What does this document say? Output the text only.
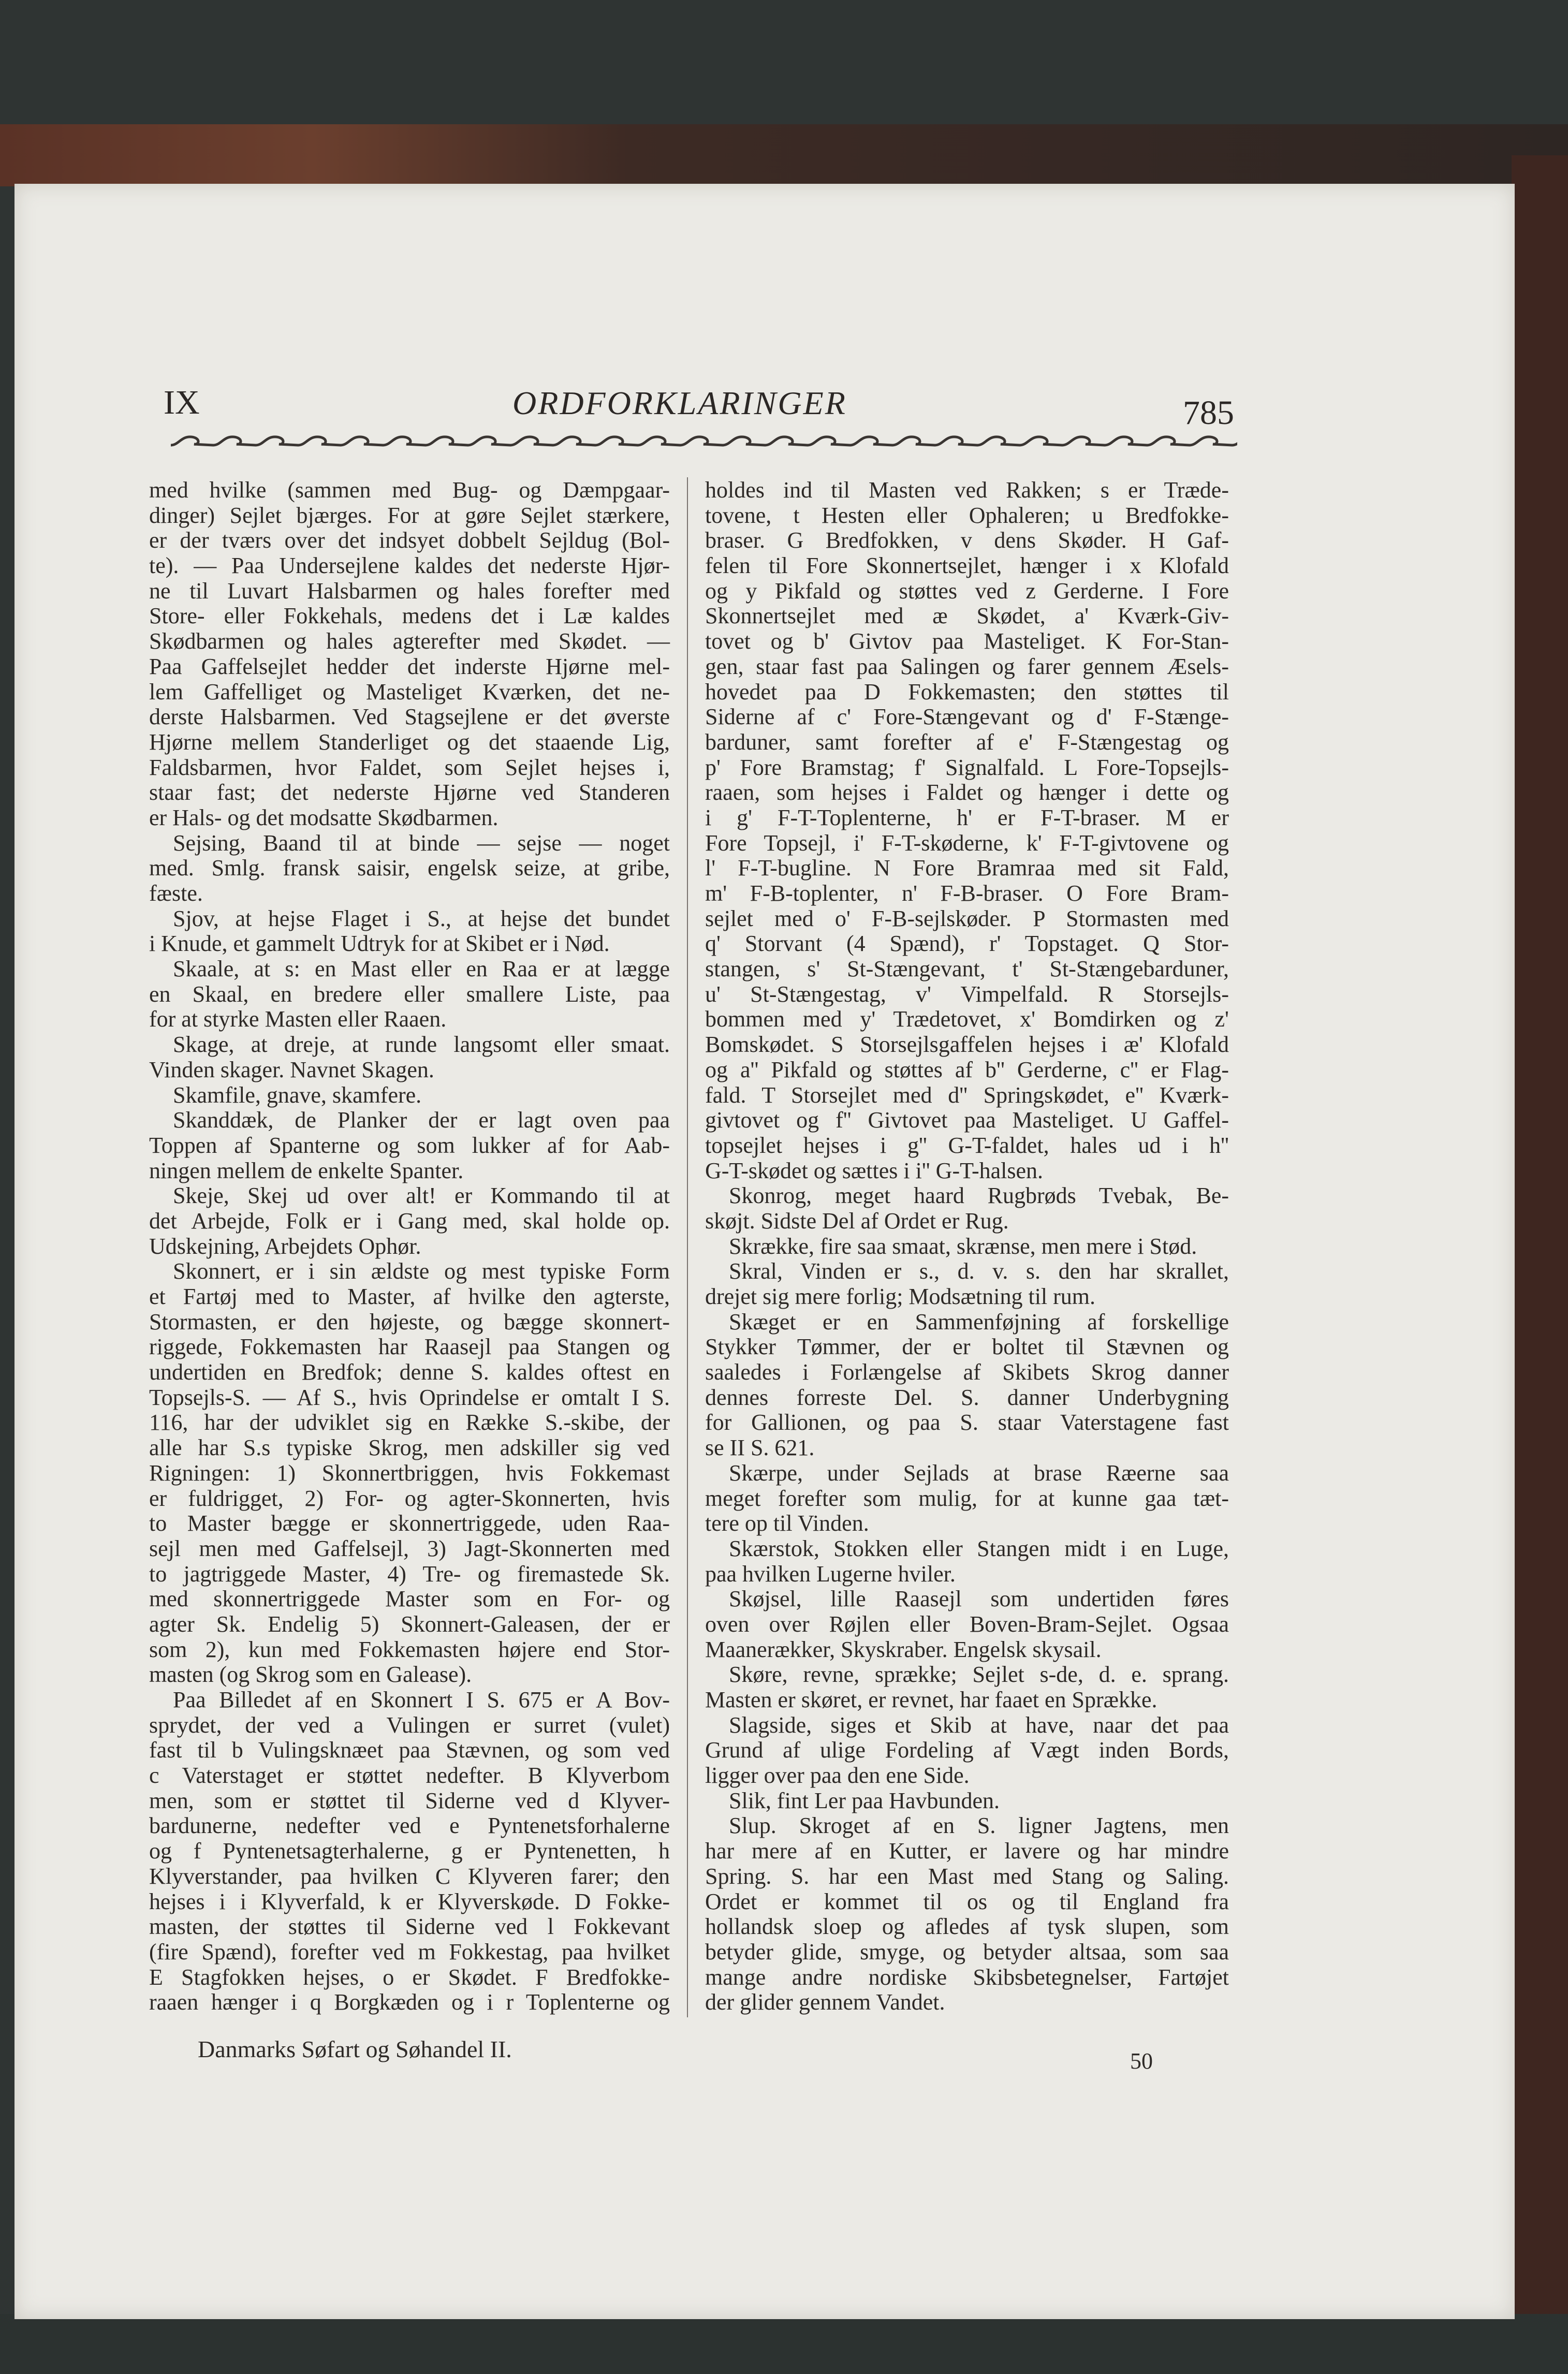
IX	ORDFORKLARINGER	785
med hvilke (sammen med Bug- og Dæmpgaar-
dinger) Sejlet bjærges. For at gøre Sejlet stærkere,
er der tværs over det indsyet dobbelt Sejldug (Bol-
te). — Paa Undersejlene kaldes det nederste Hjør-
ne til Luvart Halsbarmen og hales forefter med
Store- eller Fokkehals, medens det i Læ kaldes
Skødbarmen og hales agterefter med Skødet. —
Paa Gaffelsejlet hedder det inderste Hjørne mel-
lem Gaffelliget og Masteliget Kværken, det ne-
derste Halsbarmen. Ved Stagsejlene er det øverste
Hjørne mellem Standerliget og det staaende Lig,
Faldsbarmen, hvor Faldet, som Sejlet hejses i,
staar fast; det nederste Hjørne ved Standeren
er Hals- og det modsatte Skødbarmen.
Sejsing, Baand til at binde — sejse — noget
med. Smlg. fransk saisir, engelsk seize, at gribe,
fæste.
Sjov, at hejse Flaget i S., at hejse det bundet
i Knude, et gammelt Udtryk for at Skibet er i Nød.
Skaale, at s: en Mast eller en Raa er at lægge
en Skaal, en bredere eller smallere Liste, paa
for at styrke Masten eller Raaen.
Skage, at dreje, at runde langsomt eller smaat.
Vinden skager. Navnet Skagen.
Skamfile, gnave, skamfere.
Skanddæk, de Planker der er lagt oven paa
Toppen af Spanterne og som lukker af for Aab-
ningen mellem de enkelte Spanter.
Skeje, Skej ud over alt! er Kommando til at
det Arbejde, Folk er i Gang med, skal holde op.
Udskejning, Arbejdets Ophør.
Skonnert, er i sin ældste og mest typiske Form
et Fartøj med to Master, af hvilke den agterste,
Stormasten, er den højeste, og bægge skonnert-
riggede, Fokkemasten har Raasejl paa Stangen og
undertiden en Bredfok; denne S. kaldes oftest en
Topsejls-S. — Af S., hvis Oprindelse er omtalt I S.
116, har der udviklet sig en Række S.-skibe, der
alle har S.s typiske Skrog, men adskiller sig ved
Rigningen: 1) Skonnertbriggen, hvis Fokkemast
er fuldrigget, 2) For- og agter-Skonnerten, hvis
to Master bægge er skonnertriggede, uden Raa-
sejl men med Gaffelsejl, 3) Jagt-Skonnerten med
to jagtriggede Master, 4) Tre- og firemastede Sk.
med skonnertriggede Master som en For- og
agter Sk. Endelig 5) Skonnert-Galeasen, der er
som 2), kun med Fokkemasten højere end Stor-
masten (og Skrog som en Galease).
Paa Billedet af en Skonnert I S. 675 er A Bov-
sprydet, der ved a Vulingen er surret (vulet)
fast til b Vulingsknæet paa Stævnen, og som ved
c Vaterstaget er støttet nedefter. B Klyverbom
men, som er støttet til Siderne ved d Klyver-
bardunerne, nedefter ved e Pyntenetsforhalerne
og f Pyntenetsagterhalerne, g er Pyntenetten, h
Klyverstander, paa hvilken C Klyveren farer; den
hejses i i Klyverfald, k er Klyverskøde. D Fokke-
masten, der støttes til Siderne ved l Fokkevant
(fire Spænd), forefter ved m Fokkestag, paa hvilket
E Stagfokken hejses, o er Skødet. F Bredfokke-
raaen hænger i q Borgkæden og i r Toplenterne og
holdes ind til Masten ved Rakken; s er Træde-
tovene, t Hesten eller Ophaleren; u Bredfokke-
braser. G Bredfokken, v dens Skøder. H Gaf-
felen til Fore Skonnertsejlet, hænger i x Klofald
og y Pikfald og støttes ved z Gerderne. I Fore
Skonnertsejlet med æ Skødet, a' Kværk-Giv-
tovet og b' Givtov paa Masteliget. K For-Stan-
gen, staar fast paa Salingen og farer gennem Æsels-
hovedet paa D Fokkemasten; den støttes til
Siderne af c' Fore-Stængevant og d' F-Stænge-
barduner, samt forefter af e' F-Stængestag og
p' Fore Bramstag; f' Signalfald. L Fore-Topsejls-
raaen, som hejses i Faldet og hænger i dette og
i g' F-T-Toplenterne, h' er F-T-braser. M er
Fore Topsejl, i' F-T-skøderne, k' F-T-givtovene og
l' F-T-bugline. N Fore Bramraa med sit Fald,
m' F-B-toplenter, n' F-B-braser. O Fore Bram-
sejlet med o' F-B-sejlskøder. P Stormasten med
q' Storvant (4 Spænd), r' Topstaget. Q Stor-
stangen, s' St-Stængevant, t' St-Stængebarduner,
u' St-Stængestag, v' Vimpelfald. R Storsejls-
bommen med y' Trædetovet, x' Bomdirken og z'
Bomskødet. S Storsejlsgaffelen hejses i æ' Klofald
og a'' Pikfald og støttes af b'' Gerderne, c'' er Flag-
fald. T Storsejlet med d'' Springskødet, e'' Kværk-
givtovet og f'' Givtovet paa Masteliget. U Gaffel-
topsejlet hejses i g'' G-T-faldet, hales ud i h''
G-T-skødet og sættes i i'' G-T-halsen.
Skonrog, meget haard Rugbrøds Tvebak, Be-
skøjt. Sidste Del af Ordet er Rug.
Skrække, fire saa smaat, skrænse, men mere i Stød.
Skral, Vinden er s., d. v. s. den har skrallet,
drejet sig mere forlig; Modsætning til rum.
Skæget er en Sammenføjning af forskellige
Stykker Tømmer, der er boltet til Stævnen og
saaledes i Forlængelse af Skibets Skrog danner
dennes forreste Del. S. danner Underbygning
for Gallionen, og paa S. staar Vaterstagene fast
se II S. 621.
Skærpe, under Sejlads at brase Ræerne saa
meget forefter som mulig, for at kunne gaa tæt-
tere op til Vinden.
Skærstok, Stokken eller Stangen midt i en Luge,
paa hvilken Lugerne hviler.
Skøjsel, lille Raasejl som undertiden føres
oven over Røjlen eller Boven-Bram-Sejlet. Ogsaa
Maanerækker, Skyskraber. Engelsk skysail.
Skøre, revne, sprække; Sejlet s-de, d. e. sprang.
Masten er skøret, er revnet, har faaet en Sprække.
Slagside, siges et Skib at have, naar det paa
Grund af ulige Fordeling af Vægt inden Bords,
ligger over paa den ene Side.
Slik, fint Ler paa Havbunden.
Slup. Skroget af en S. ligner Jagtens, men
har mere af en Kutter, er lavere og har mindre
Spring. S. har een Mast med Stang og Saling.
Ordet er kommet til os og til England fra
hollandsk sloep og afledes af tysk slupen, som
betyder glide, smyge, og betyder altsaa, som saa
mange andre nordiske Skibsbetegnelser, Fartøjet
der glider gennem Vandet.
Danmarks Søfart og Søhandel II.	50
